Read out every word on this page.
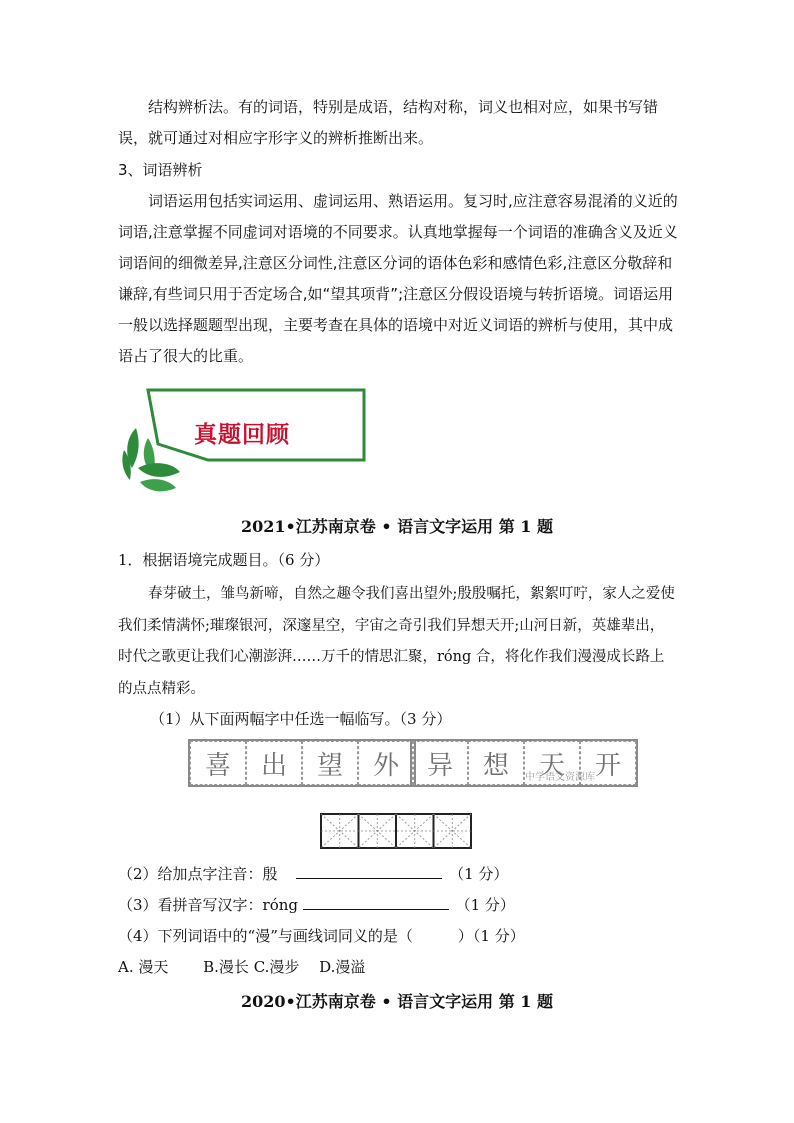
结构辨析法。有的词语，特别是成语，结构对称，词义也相对应，如果书写错误，就可通过对相应字形字义的辨析推断出来。

3、词语辨析

词语运用包括实词运用、虚词运用、熟语运用。复习时,应注意容易混淆的义近的词语,注意掌握不同虚词对语境的不同要求。认真地掌握每一个词语的准确含义及近义词语间的细微差异,注意区分词性,注意区分词的语体色彩和感情色彩,注意区分敬辞和谦辞,有些词只用于否定场合,如“望其项背”;注意区分假设语境与转折语境。词语运用一般以选择题题型出现，主要考查在具体的语境中对近义词语的辨析与使用，其中成语占了很大的比重。

真题回顾
2021•江苏南京卷 • 语言文字运用 第 1 题

1．根据语境完成题目。（6 分）

春芽破土，雏鸟新啼，自然之趣令我们喜出望外;殷殷嘱托，絮絮叮咛，家人之爱使我们柔情满怀;璀璨银河，深邃星空，宇宙之奇引我们异想天开;山河日新，英雄辈出，时代之歌更让我们心潮澎湃……万千的情思汇聚，róng 合，将化作我们漫漫成长路上的点点精彩。

（1）从下面两幅字中任选一幅临写。（3 分）

喜	出	望	外	异	想	天	开
中学语文资源库

（2）给加点字注音：殷	（1 分）

（3）看拼音写汉字：róng	（1 分）

（4）下列词语中的“漫”与画线词同义的是（　　　）（1 分）

A. 漫天　　 B.漫长 C.漫步　 D.漫溢

2020•江苏南京卷 • 语言文字运用 第 1 题
